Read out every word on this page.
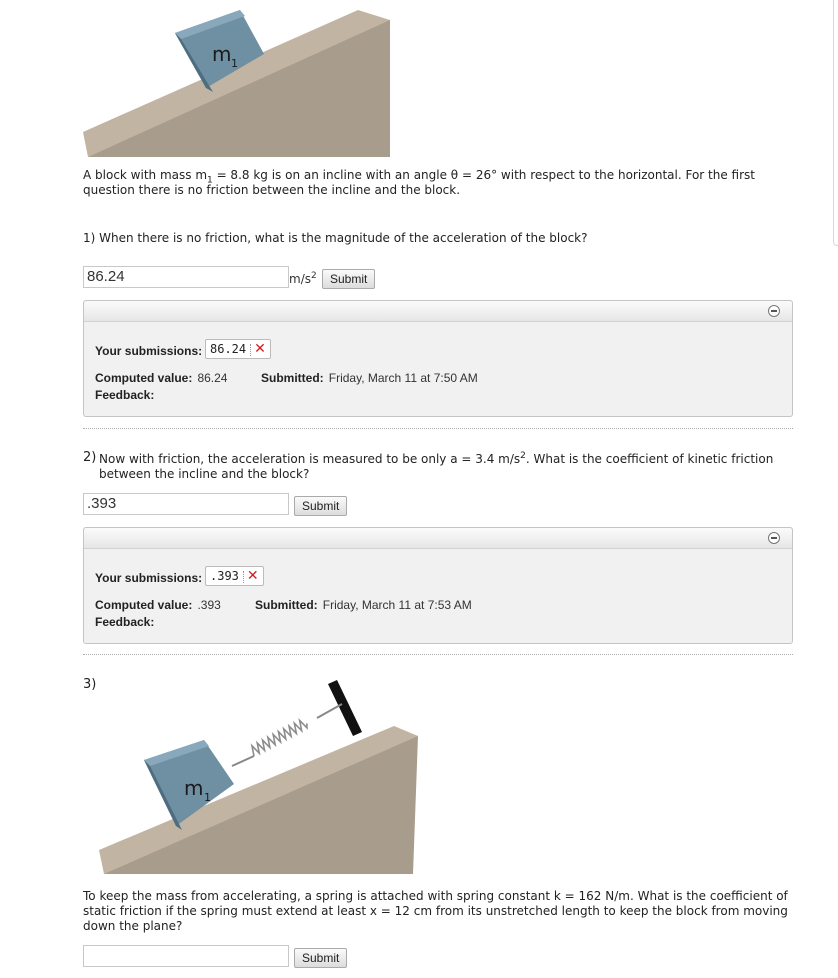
m 1
A block with mass $m_1 = 8.8$ kg is on an incline with an angle θ = 26° with respect to the horizontal. For the first
question there is no friction between the incline and the block.
1) When there is no friction, what is the magnitude of the acceleration of the block?
86.24	$m/s^2$	Submit
Your submissions: 86.24 ✕
Computed value: 86.24	Submitted: Friday, March 11 at 7:50 AM
Feedback:
2) Now with friction, the acceleration is measured to be only a = 3.4 $m/s^2$. What is the coefficient of kinetic friction
between the incline and the block?
.393	Submit
Your submissions: .393 ✕
Computed value: .393	Submitted: Friday, March 11 at 7:53 AM
Feedback:
3)
m 1
To keep the mass from accelerating, a spring is attached with spring constant k = 162 N/m. What is the coefficient of
static friction if the spring must extend at least x = 12 cm from its unstretched length to keep the block from moving
down the plane?
Submit
